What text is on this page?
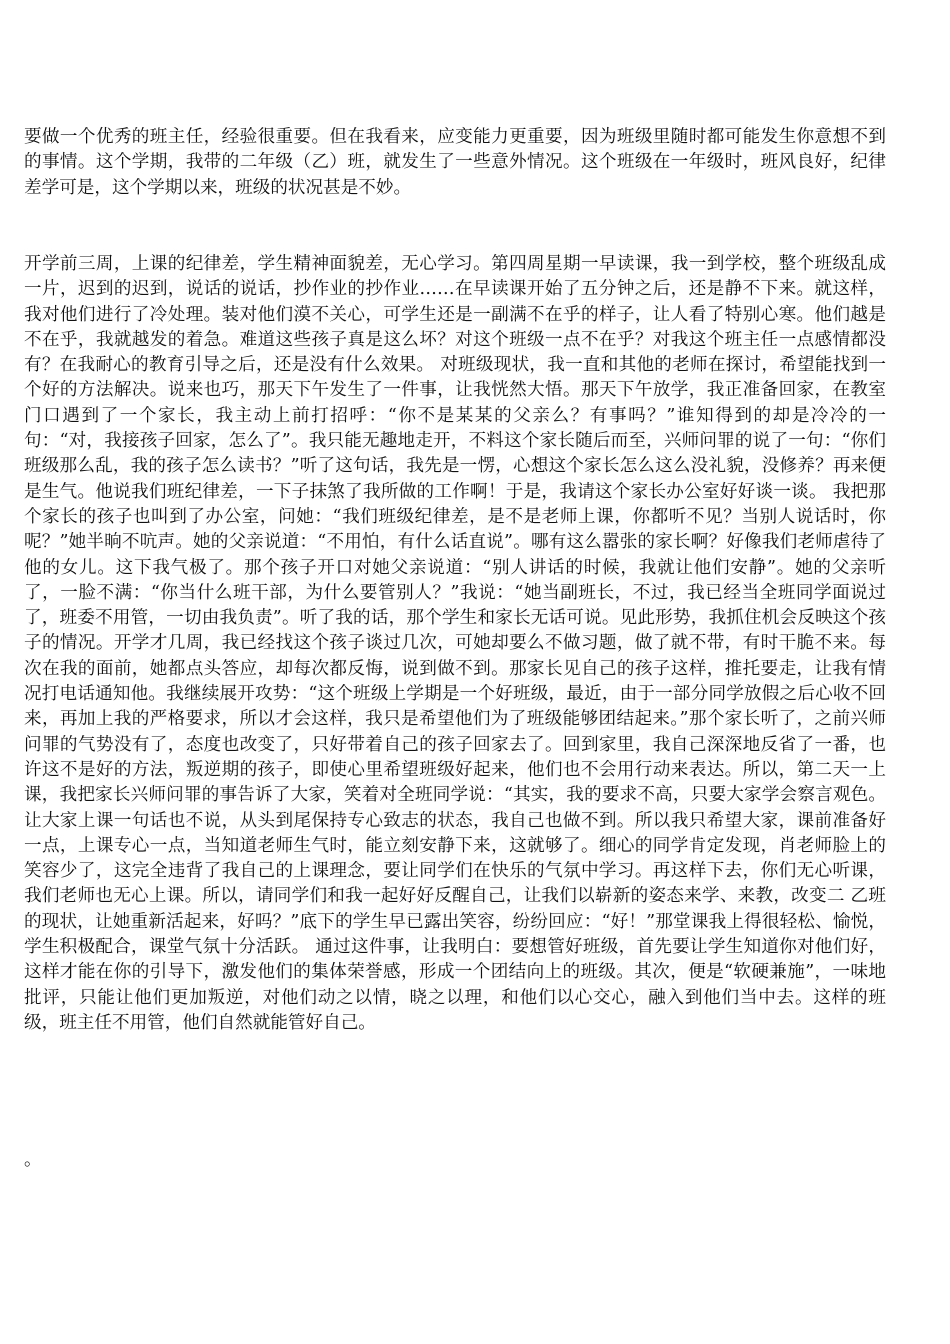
要做一个优秀的班主任，经验很重要。但在我看来，应变能力更重要，因为班级里随时都可能发生你意想不到的事情。这个学期，我带的二年级（乙）班，就发生了一些意外情况。这个班级在一年级时，班风良好，纪律差学可是，这个学期以来，班级的状况甚是不妙。

开学前三周，上课的纪律差，学生精神面貌差，无心学习。第四周星期一早读课，我一到学校，整个班级乱成一片，迟到的迟到，说话的说话，抄作业的抄作业……在早读课开始了五分钟之后，还是静不下来。就这样，我对他们进行了冷处理。装对他们漠不关心，可学生还是一副满不在乎的样子，让人看了特别心寒。他们越是不在乎，我就越发的着急。难道这些孩子真是这么坏？对这个班级一点不在乎？对我这个班主任一点感情都没有？在我耐心的教育引导之后，还是没有什么效果。 对班级现状，我一直和其他的老师在探讨，希望能找到一个好的方法解决。说来也巧，那天下午发生了一件事，让我恍然大悟。那天下午放学，我正准备回家，在教室门口遇到了一个家长，我主动上前打招呼：“你不是某某的父亲么？有事吗？”谁知得到的却是冷冷的一句：“对，我接孩子回家，怎么了”。我只能无趣地走开，不料这个家长随后而至，兴师问罪的说了一句：“你们班级那么乱，我的孩子怎么读书？”听了这句话，我先是一愣，心想这个家长怎么这么没礼貌，没修养？再来便是生气。他说我们班纪律差，一下子抹煞了我所做的工作啊！于是，我请这个家长办公室好好谈一谈。 我把那个家长的孩子也叫到了办公室，问她：“我们班级纪律差，是不是老师上课，你都听不见？当别人说话时，你呢？”她半晌不吭声。她的父亲说道：“不用怕，有什么话直说”。哪有这么嚣张的家长啊？好像我们老师虐待了他的女儿。这下我气极了。那个孩子开口对她父亲说道：“别人讲话的时候，我就让他们安静”。她的父亲听了，一脸不满：“你当什么班干部，为什么要管别人？”我说：“她当副班长，不过，我已经当全班同学面说过了，班委不用管，一切由我负责”。听了我的话，那个学生和家长无话可说。见此形势，我抓住机会反映这个孩子的情况。开学才几周，我已经找这个孩子谈过几次，可她却要么不做习题，做了就不带，有时干脆不来。每次在我的面前，她都点头答应，却每次都反悔，说到做不到。那家长见自己的孩子这样，推托要走，让我有情况打电话通知他。我继续展开攻势：“这个班级上学期是一个好班级，最近，由于一部分同学放假之后心收不回来，再加上我的严格要求，所以才会这样，我只是希望他们为了班级能够团结起来。”那个家长听了，之前兴师问罪的气势没有了，态度也改变了，只好带着自己的孩子回家去了。回到家里，我自己深深地反省了一番，也许这不是好的方法，叛逆期的孩子，即使心里希望班级好起来，他们也不会用行动来表达。所以，第二天一上课，我把家长兴师问罪的事告诉了大家，笑着对全班同学说：“其实，我的要求不高，只要大家学会察言观色。让大家上课一句话也不说，从头到尾保持专心致志的状态，我自己也做不到。所以我只希望大家，课前准备好一点，上课专心一点，当知道老师生气时，能立刻安静下来，这就够了。细心的同学肯定发现，肖老师脸上的笑容少了，这完全违背了我自己的上课理念，要让同学们在快乐的气氛中学习。再这样下去，你们无心听课，我们老师也无心上课。所以，请同学们和我一起好好反醒自己，让我们以崭新的姿态来学、来教，改变二 乙班的现状，让她重新活起来，好吗？”底下的学生早已露出笑容，纷纷回应：“好！”那堂课我上得很轻松、愉悦，学生积极配合，课堂气氛十分活跃。 通过这件事，让我明白：要想管好班级，首先要让学生知道你对他们好，这样才能在你的引导下，激发他们的集体荣誉感，形成一个团结向上的班级。其次，便是“软硬兼施”，一味地批评，只能让他们更加叛逆，对他们动之以情，晓之以理，和他们以心交心，融入到他们当中去。这样的班级，班主任不用管，他们自然就能管好自己。

。
